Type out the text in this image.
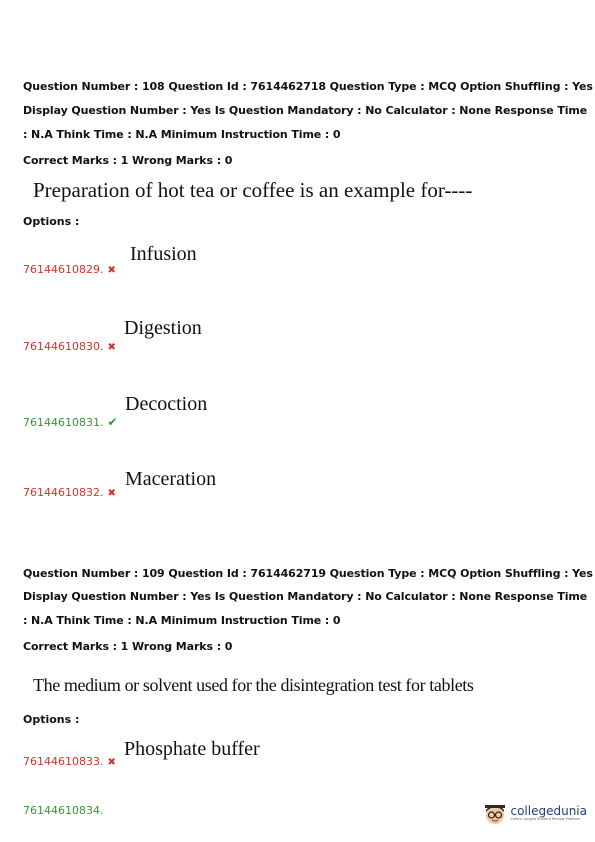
Question Number : 108 Question Id : 7614462718 Question Type : MCQ Option Shuffling : Yes
Display Question Number : Yes Is Question Mandatory : No Calculator : None Response Time
: N.A Think Time : N.A Minimum Instruction Time : 0
Correct Marks : 1 Wrong Marks : 0
Preparation of hot tea or coffee is an example for----
Options :
Infusion
76144610829. ✖
Digestion
76144610830. ✖
Decoction
76144610831. ✔
Maceration
76144610832. ✖
Question Number : 109 Question Id : 7614462719 Question Type : MCQ Option Shuffling : Yes
Display Question Number : Yes Is Question Mandatory : No Calculator : None Response Time
: N.A Think Time : N.A Minimum Instruction Time : 0
Correct Marks : 1 Wrong Marks : 0
The medium or solvent used for the disintegration test for tablets
Options :
Phosphate buffer
76144610833. ✖
76144610834.	collegedunia
India's Largest Student Review Platform
